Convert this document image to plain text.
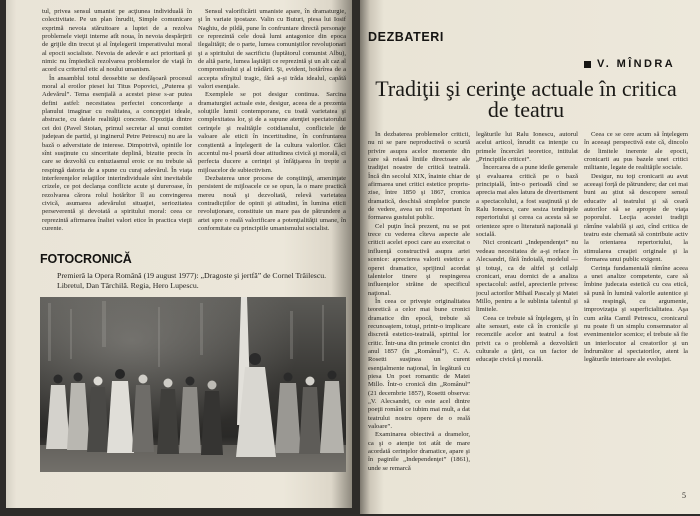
tul, privea sensul umanist pe acţiunea individuală în colectivitate. Pe un plan înrudit, Simple comunicare exprimă nevoia stăruitoare a luptei de a rezolva problemele vieţii interne atît noua, în nevoia despărţirii de grijile din trecut şi al înţelegerii imperativului moral al epocii socialiste. Nevoia de adevăr e aci prioritară şi nimic nu împiedică rezolvarea problemelor de viaţă în acord cu criteriul etic al noului umanism.

În ansamblul totul deosebite se desfăşoară procesul moral al eroilor piesei lui Titus Popovici, „Puterea şi Adevărul”. Tema esenţială a acestei piese s-ar putea defini astfel: necesitatea perfectei concordanţe a planului imaginar cu realitatea, a concepţiei ideale, abstracte, cu datele realităţii concrete. Opoziţia dintre cei doi (Pavel Stoian, primul secretar al unui comitet judeţean de partid, şi inginerul Petre Petrescu) nu are la bază o adversitate de interese. Dimpotrivă, opiniile lor sînt susţinute cu sinceritate deplină, bizuite precis în care se dezvoltă cu entuziasmul eroic ce nu trebuie să respingă datoria de a spune cu curaj adevărul. În viaţa interferenţelor relaţiilor interindividuale sînt inevitabile crizele, ce pot declanşa conflicte acute şi dureroase, în rezolvarea cărora rolul hotărîtor îl au convingerea civică, asumarea adevărului situaţiei, seriozitatea perseverentă şi devotată a spiritului moral: ceea ce reprezintă afirmarea înaltei valori etice în practica vieţii curente.

Sensul valorificării umaniste apare, în dramaturgie, şi în variate ipostaze. Valin cu Buturi, piesa lui Iosif Naghiu, de pildă, pune în confruntare directă personaje ce reprezintă cele două lumi antagonice din epoca ilegalităţii; de o parte, lumea comuniştilor revoluţionari şi a spiritului de sacrificiu (luptătorul comunist Albu), de altă parte, lumea laşităţii ce reprezintă şi un alt caz al compromisului şi al trădării. Şi, evident, hotărîrea de a accepta sfîrşitul tragic, fără a-şi trăda idealul, capătă valori esenţiale.

Exemplele se pot desigur continua. Sarcina dramaturgiei actuale este, desigur, aceea de a prezenta soluţiile lumii contemporane, cu toată varietatea şi complexitatea lor, şi de a supune atenţiei spectatorului cerinţele şi realităţile cotidianului, conflictele de valoare ale eticii în incertitudine, în confruntarea conştientă a înţelegerii de la cultura valorilor. Căci accentul nu-l poartă doar atitudinea civică şi morală, ci perfecta ducere a cerinţei şi înfăţişarea în trepte a mijloacelor de subiectivism.

Dezbaterea unor procese de conştiinţă, ameninţate persistent de mijloacele ce se opun, la o mare practică mereu nouă şi dezvoltată, relevă varietatea contradicţiilor de opinii şi atitudini, în lumina eticii revoluţionare, constituie un mare pas de pătrundere a artei spre o reală valorificare a potenţialităţii umane, în conformitate cu principiile umanismului socialist.

FOTOCRONICĂ
Premieră la Opera Română (19 august 1977): „Dragoste şi jertfă” de Cornel Trăilescu. Libretul, Dan Tărchilă. Regia, Hero Lupescu.
DEZBATERI
V. MÎNDRA
Tradiţii şi cerinţe actuale în critica de teatru

În dezbaterea problemelor criticii, nu ni se pare neproductivă o scurtă privire asupra acelor momente din care să reiasă liniile directoare ale tradiţiei noastre de critică teatrală. Încă din secolul XIX, înainte chiar de afirmarea unei critici estetice propriu-zise, între 1850 şi 1867, cronica dramatică, deschisă simplelor puncte de vedere, avea un rol important în formarea gustului public.

Cel puţin încă prezent, nu se pot trece cu vederea cîteva aspecte ale criticii acelei epoci care au exercitat o influenţă constructivă asupra artei scenice: aprecierea valorii estetice a operei dramatice, sprijinul acordat talentelor tinere şi respingerea influenţelor străine de specificul naţional.

În ceea ce priveşte originalitatea teoretică a celor mai bune cronici dramatice din epocă, trebuie să recunoaştem, totuşi, printr-o implicare discretă estetico-teatrală, spiritul lor critic. Într-una din primele cronici din anul 1857 (în „Românul”), C. A. Rosetti susţinea un curent esenţialmente naţional, în legătură cu piesa Un poet romantic de Matei Millo. Într-o cronică din „Românul” (21 decembrie 1857), Rosetti observa: „V. Alecsandri, ce este acel dintre poeţii români ce iubim mai mult, a dat teatrului nostru opere de o reală valoare”.

Examinarea obiectivă a dramelor, ca şi o atenţie tot atât de mare acordată cerinţelor dramatice, apare şi în paginile „Independenţei” (1861), unde se remarcă

legăturile lui Ralu Ionescu, autorul acelui articol, înrudit ca intenţie cu primele încercări teoretice, intitulat „Principiile criticei”.

Încercarea de a pune ideile generale şi evaluarea critică pe o bază principială, într-o perioadă cînd se aprecia mai ales latura de divertisment a spectacolului, a fost susţinută şi de Ralu Ionescu, care sesiza tendinţele repertoriului şi cerea ca acesta să se orienteze spre o literatură naţională şi socială.

Nici cronicarii „Independenţei” nu vedeau necesitatea de a-şi reface în Alecsandri, fără îndoială, modelul — şi totuşi, ca de altfel şi ceilalţi cronicari, erau dornici de a analiza spectacolul: astfel, aprecierile privesc jocul actorilor Mihail Pascaly şi Matei Millo, pentru a le sublinia talentul şi limitele.

Ceea ce trebuie să înţelegem, şi în alte sensuri, este că în cronicile şi recenziile acelor ani teatrul a fost privit ca o problemă a dezvoltării culturale a ţării, ca un factor de educaţie civică şi morală.

Ceea ce se cere acum să înţelegem în aceeaşi perspectivă este că, dincolo de limitele inerente ale epocii, cronicarii au pus bazele unei critici militante, legate de realităţile sociale.

Desigur, nu toţi cronicarii au avut aceeaşi forţă de pătrundere; dar cei mai buni au ştiut să descopere sensul educativ al teatrului şi să ceară autorilor să se apropie de viaţa poporului. Lecţia acestei tradiţii rămîne valabilă şi azi, cînd critica de teatru este chemată să contribuie activ la orientarea repertoriului, la stimularea creaţiei originale şi la formarea unui public exigent.

Cerinţa fundamentală rămîne aceea a unei analize competente, care să îmbine judecata estetică cu cea etică, să pună în lumină valorile autentice şi să respingă, cu argumente, improvizaţia şi superficialitatea. Aşa cum arăta Camil Petrescu, cronicarul nu poate fi un simplu consemnator al evenimentelor scenice; el trebuie să fie un interlocutor al creatorilor şi un îndrumător al spectatorilor, atent la legăturile interioare ale evoluţiei.

5
